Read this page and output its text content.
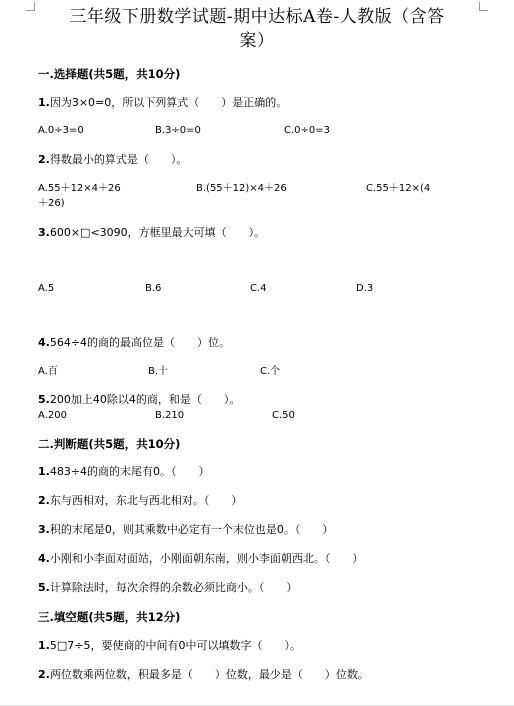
三年级下册数学试题-期中达标A卷-人教版（含答
案）
一.选择题(共5题，共10分)
1.因为3×0=0，所以下列算式（　　）是正确的。
A.0÷3=0	B.3÷0=0	C.0÷0=3
2.得数最小的算式是（　　）。
A.55＋12×4＋26	B.(55＋12)×4＋26	C.55＋12×(4
＋26)
3.600×□<3090，方框里最大可填（　　）。
A.5	B.6	C.4	D.3
4.564÷4的商的最高位是（　　）位。
A.百	B.十	C.个
5.200加上40除以4的商，和是（　　）。
A.200	B.210	C.50
二.判断题(共5题，共10分)
1.483÷4的商的末尾有0。（　　）
2.东与西相对，东北与西北相对。（　　）
3.积的末尾是0，则其乘数中必定有一个末位也是0。（　　）
4.小刚和小李面对面站，小刚面朝东南，则小李面朝西北。（　　）
5.计算除法时，每次余得的余数必须比商小。（　　）
三.填空题(共5题，共12分)
1.5□7÷5，要使商的中间有0中可以填数字（　　）。
2.两位数乘两位数，积最多是（　　）位数，最少是（　　）位数。
